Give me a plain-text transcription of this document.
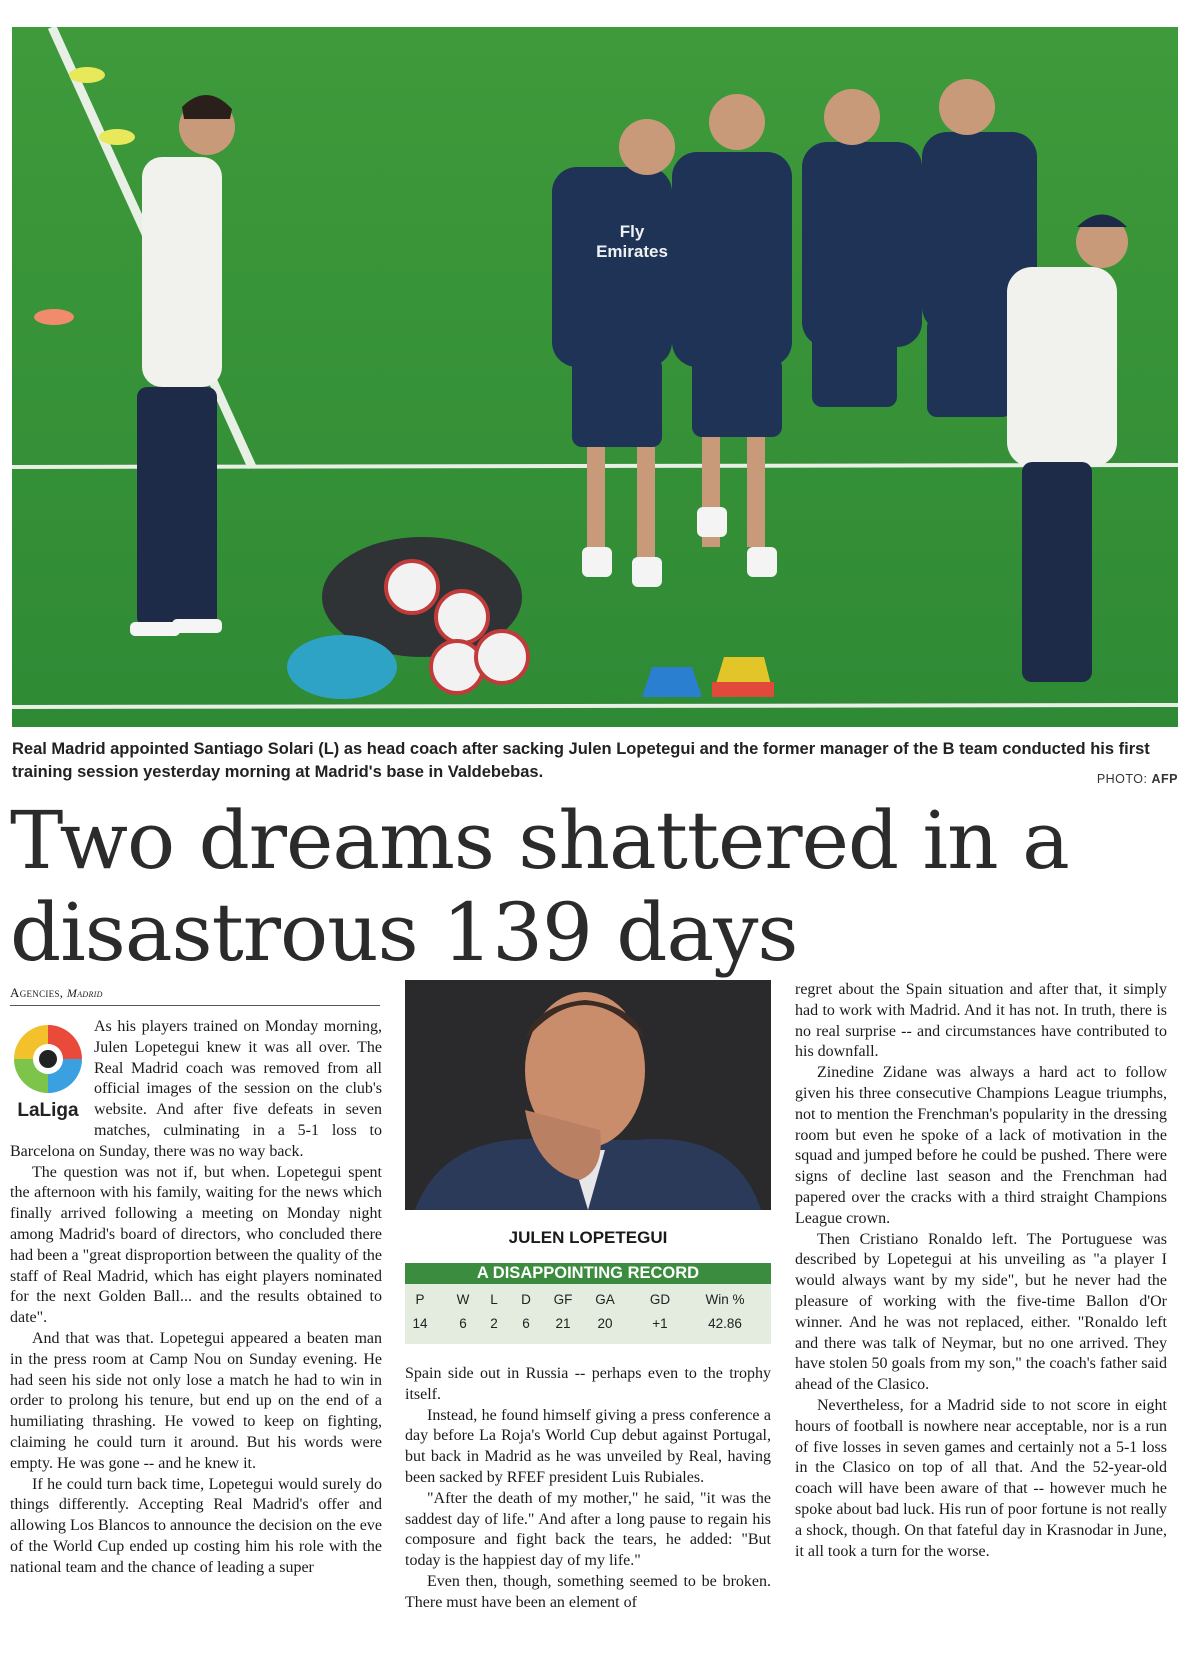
Fly
Emirates
Real Madrid appointed Santiago Solari (L) as head coach after sacking Julen Lopetegui and the former manager of the B team conducted his first training session yesterday morning at Madrid's base in Valdebebas.	PHOTO: AFP
Two dreams shattered in a
disastrous 139 days
Agencies, Madrid
LaLiga

As his players trained on Monday morning, Julen Lopetegui knew it was all over. The Real Madrid coach was removed from all official images of the session on the club's website. And after five defeats in seven matches, culminating in a 5-1 loss to Barcelona on Sunday, there was no way back.

The question was not if, but when. Lopetegui spent the afternoon with his family, waiting for the news which finally arrived following a meeting on Monday night among Madrid's board of directors, who concluded there had been a "great disproportion between the quality of the staff of Real Madrid, which has eight players nominated for the next Golden Ball... and the results obtained to date".

And that was that. Lopetegui appeared a beaten man in the press room at Camp Nou on Sunday evening. He had seen his side not only lose a match he had to win in order to prolong his tenure, but end up on the end of a humiliating thrashing. He vowed to keep on fighting, claiming he could turn it around. But his words were empty. He was gone -- and he knew it.

If he could turn back time, Lopetegui would surely do things differently. Accepting Real Madrid's offer and allowing Los Blancos to announce the decision on the eve of the World Cup ended up costing him his role with the national team and the chance of leading a super

JULEN LOPETEGUI
A DISAPPOINTING RECORD
P	W	L	D	GF	GA	GD	Win %
14	6	2	6	21	20	+1	42.86

Spain side out in Russia -- perhaps even to the trophy itself.

Instead, he found himself giving a press conference a day before La Roja's World Cup debut against Portugal, but back in Madrid as he was unveiled by Real, having been sacked by RFEF president Luis Rubiales.

"After the death of my mother," he said, "it was the saddest day of life." And after a long pause to regain his composure and fight back the tears, he added: "But today is the happiest day of my life."

Even then, though, something seemed to be broken. There must have been an element of

regret about the Spain situation and after that, it simply had to work with Madrid. And it has not. In truth, there is no real surprise -- and circumstances have contributed to his downfall.

Zinedine Zidane was always a hard act to follow given his three consecutive Champions League triumphs, not to mention the Frenchman's popularity in the dressing room but even he spoke of a lack of motivation in the squad and jumped before he could be pushed. There were signs of decline last season and the Frenchman had papered over the cracks with a third straight Champions League crown.

Then Cristiano Ronaldo left. The Portuguese was described by Lopetegui at his unveiling as "a player I would always want by my side", but he never had the pleasure of working with the five-time Ballon d'Or winner. And he was not replaced, either. "Ronaldo left and there was talk of Neymar, but no one arrived. They have stolen 50 goals from my son," the coach's father said ahead of the Clasico.

Nevertheless, for a Madrid side to not score in eight hours of football is nowhere near acceptable, nor is a run of five losses in seven games and certainly not a 5-1 loss in the Clasico on top of all that. And the 52-year-old coach will have been aware of that -- however much he spoke about bad luck. His run of poor fortune is not really a shock, though. On that fateful day in Krasnodar in June, it all took a turn for the worse.
